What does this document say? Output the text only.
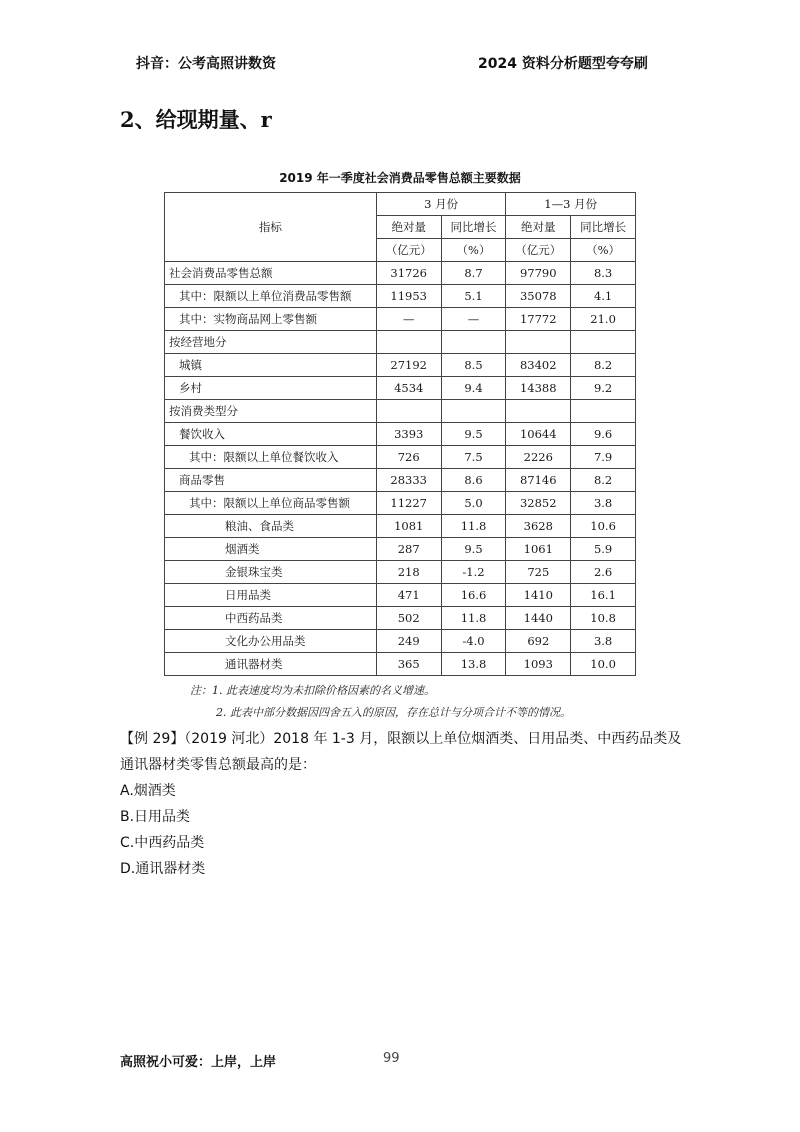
抖音：公考高照讲数资	2024 资料分析题型夸夸刷
2、给现期量、r
2019 年一季度社会消费品零售总额主要数据
指标	3 月份		1—3 月份	
	绝对量	同比增长	绝对量	同比增长
	（亿元）	（%）	（亿元）	（%）
社会消费品零售总额	31726	8.7	97790	8.3
其中：限额以上单位消费品零售额	11953	5.1	35078	4.1
其中：实物商品网上零售额	—	—	17772	21.0
按经营地分				
城镇	27192	8.5	83402	8.2
乡村	4534	9.4	14388	9.2
按消费类型分				
餐饮收入	3393	9.5	10644	9.6
其中：限额以上单位餐饮收入	726	7.5	2226	7.9
商品零售	28333	8.6	87146	8.2
其中：限额以上单位商品零售额	11227	5.0	32852	3.8
粮油、食品类	1081	11.8	3628	10.6
烟酒类	287	9.5	1061	5.9
金银珠宝类	218	-1.2	725	2.6
日用品类	471	16.6	1410	16.1
中西药品类	502	11.8	1440	10.8
文化办公用品类	249	-4.0	692	3.8
通讯器材类	365	13.8	1093	10.0
注：1. 此表速度均为未扣除价格因素的名义增速。
2. 此表中部分数据因四舍五入的原因，存在总计与分项合计不等的情况。
【例 29】（2019 河北）2018 年 1-3 月，限额以上单位烟酒类、日用品类、中西药品类及通讯器材类零售总额最高的是：
A.烟酒类
B.日用品类
C.中西药品类
D.通讯器材类
高照祝小可爱：上岸，上岸	99
